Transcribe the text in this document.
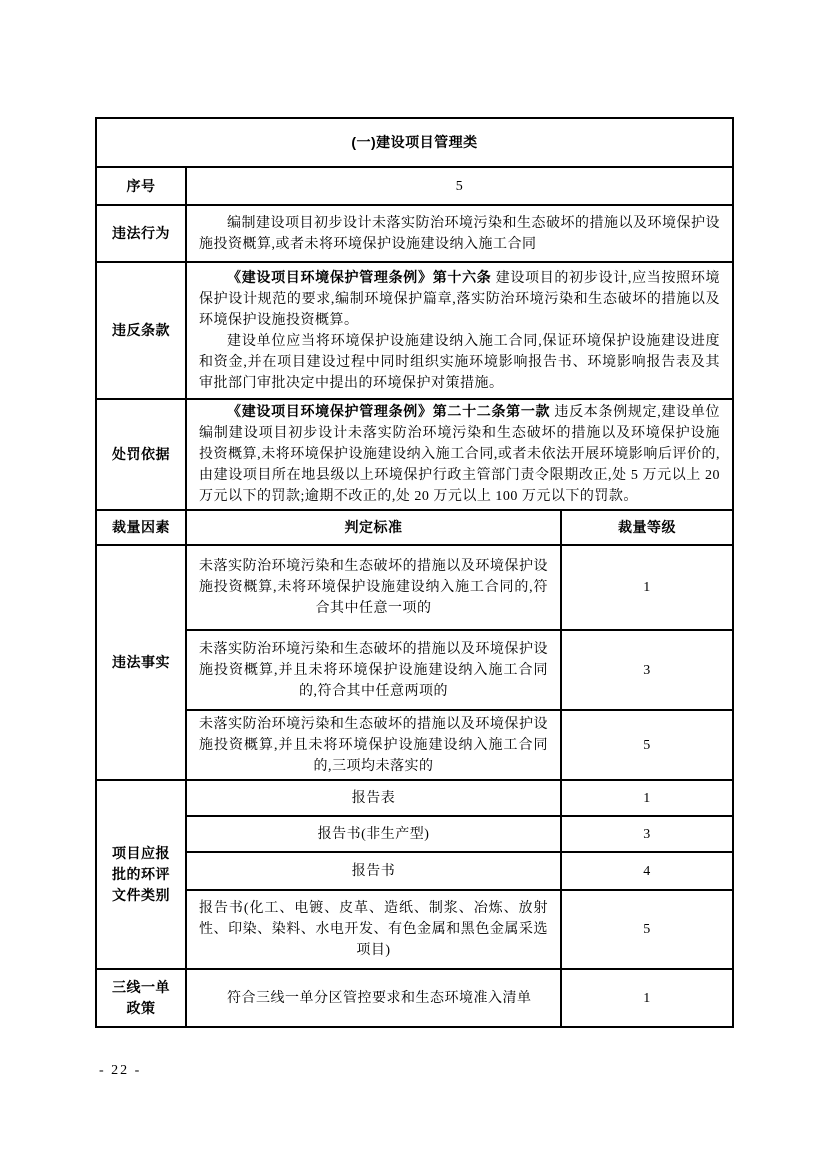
(一)建设项目管理类		
序号	5	
违法行为	编制建设项目初步设计未落实防治环境污染和生态破坏的措施以及环境保护设施投资概算,或者未将环境保护设施建设纳入施工合同	

违反条款	《建设项目环境保护管理条例》第十六条 建设项目的初步设计,应当按照环境保护设计规范的要求,编制环境保护篇章,落实防治环境污染和生态破坏的措施以及环境保护设施投资概算。

建设单位应当将环境保护设施建设纳入施工合同,保证环境保护设施建设进度和资金,并在项目建设过程中同时组织实施环境影响报告书、环境影响报告表及其审批部门审批决定中提出的环境保护对策措施。	

处罚依据	《建设项目环境保护管理条例》第二十二条第一款 违反本条例规定,建设单位编制建设项目初步设计未落实防治环境污染和生态破坏的措施以及环境保护设施投资概算,未将环境保护设施建设纳入施工合同,或者未依法开展环境影响后评价的,由建设项目所在地县级以上环境保护行政主管部门责令限期改正,处 5 万元以上 20 万元以下的罚款;逾期不改正的,处 20 万元以上 100 万元以下的罚款。	

裁量因素	判定标准	裁量等级
违法事实	未落实防治环境污染和生态破坏的措施以及环境保护设施投资概算,未将环境保护设施建设纳入施工合同的,符合其中任意一项的	1
	未落实防治环境污染和生态破坏的措施以及环境保护设施投资概算,并且未将环境保护设施建设纳入施工合同的,符合其中任意两项的	3
	未落实防治环境污染和生态破坏的措施以及环境保护设施投资概算,并且未将环境保护设施建设纳入施工合同的,三项均未落实的	5
项目应报批的环评文件类别	报告表	1
	报告书(非生产型)	3
	报告书	4
	报告书(化工、电镀、皮革、造纸、制浆、冶炼、放射性、印染、染料、水电开发、有色金属和黑色金属采选项目)	5
三线一单政策	符合三线一单分区管控要求和生态环境准入清单	1
- 22 -
